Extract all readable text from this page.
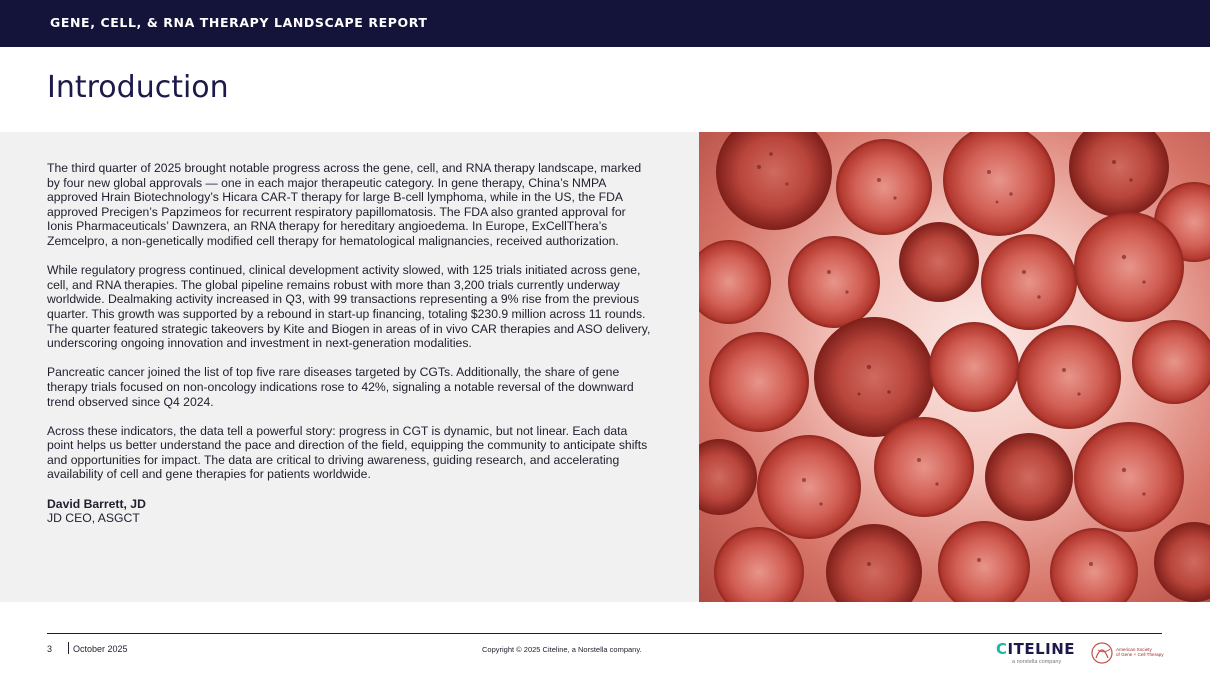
GENE, CELL, & RNA THERAPY LANDSCAPE REPORT
Introduction

The third quarter of 2025 brought notable progress across the gene, cell, and RNA therapy landscape, marked by four new global approvals — one in each major therapeutic category. In gene therapy, China’s NMPA approved Hrain Biotechnology’s Hicara CAR-T therapy for large B-cell lymphoma, while in the US, the FDA approved Precigen’s Papzimeos for recurrent respiratory papillomatosis. The FDA also granted approval for Ionis Pharmaceuticals’ Dawnzera, an RNA therapy for hereditary angioedema. In Europe, ExCellThera’s Zemcelpro, a non-genetically modified cell therapy for hematological malignancies, received authorization.

While regulatory progress continued, clinical development activity slowed, with 125 trials initiated across gene, cell, and RNA therapies. The global pipeline remains robust with more than 3,200 trials currently underway worldwide. Dealmaking activity increased in Q3, with 99 transactions representing a 9% rise from the previous quarter. This growth was supported by a rebound in start-up financing, totaling $230.9 million across 11 rounds. The quarter featured strategic takeovers by Kite and Biogen in areas of in vivo CAR therapies and ASO delivery, underscoring ongoing innovation and investment in next-generation modalities.

Pancreatic cancer joined the list of top five rare diseases targeted by CGTs. Additionally, the share of gene therapy trials focused on non-oncology indications rose to 42%, signaling a notable reversal of the downward trend observed since Q4 2024.

Across these indicators, the data tell a powerful story: progress in CGT is dynamic, but not linear. Each data point helps us better understand the pace and direction of the field, equipping the community to anticipate shifts and opportunities for impact. The data are critical to driving awareness, guiding research, and accelerating availability of cell and gene therapies for patients worldwide.

David Barrett, JD
JD CEO, ASGCT
3 October 2025	Copyright © 2025 Citeline, a Norstella company.	CITELINE
a norstella company
American Society
of Gene + Cell Therapy
